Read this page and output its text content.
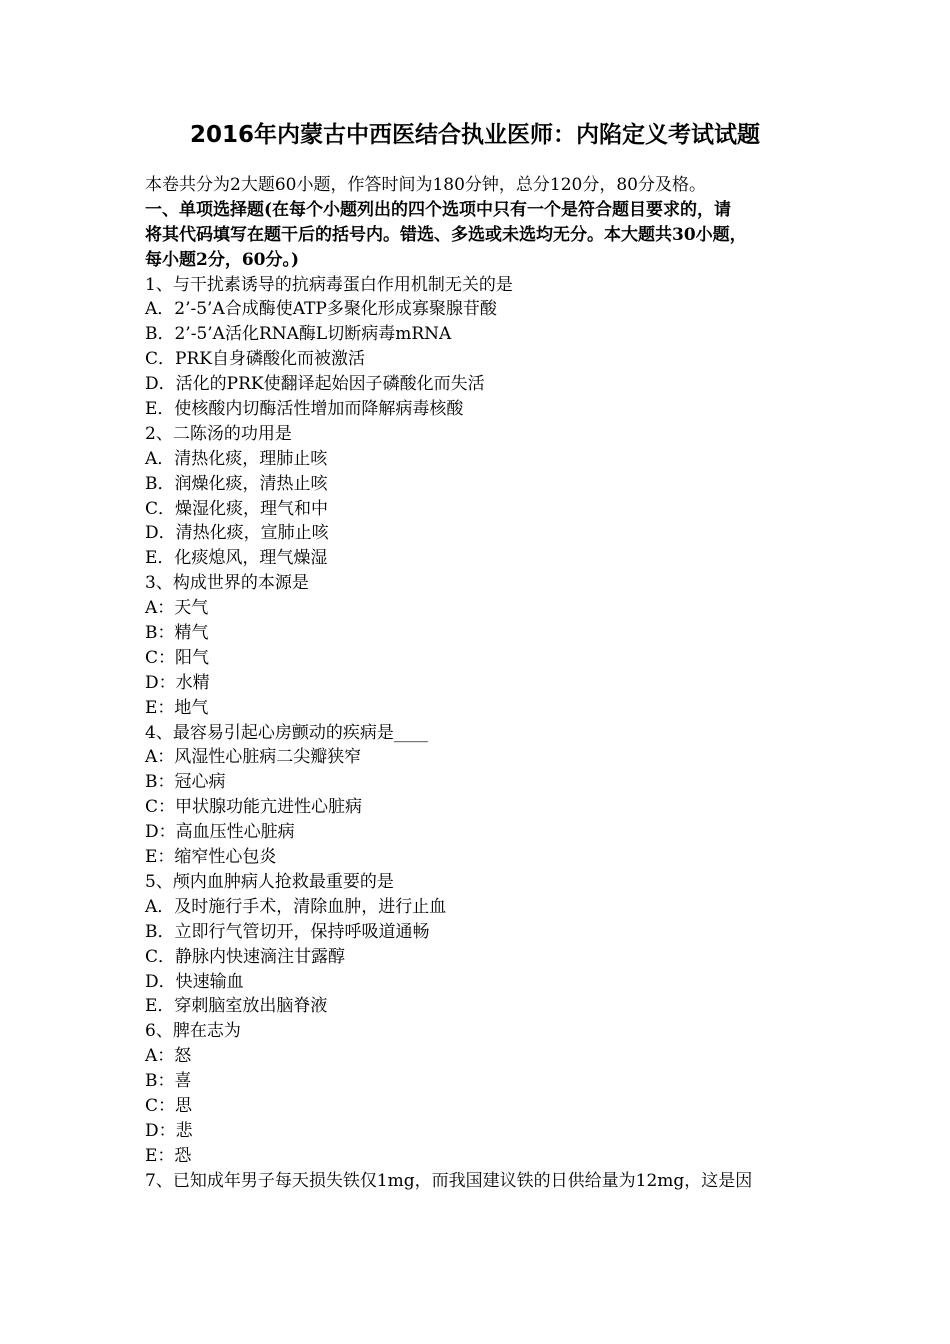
2016年内蒙古中西医结合执业医师：内陷定义考试试题
本卷共分为2大题60小题，作答时间为180分钟，总分120分，80分及格。
一、单项选择题(在每个小题列出的四个选项中只有一个是符合题目要求的，请
将其代码填写在题干后的括号内。错选、多选或未选均无分。本大题共30小题，
每小题2分，60分。)
1、与干扰素诱导的抗病毒蛋白作用机制无关的是
A．2’-5’A合成酶使ATP多聚化形成寡聚腺苷酸
B．2’-5’A活化RNA酶L切断病毒mRNA
C．PRK自身磷酸化而被激活
D．活化的PRK使翻译起始因子磷酸化而失活
E．使核酸内切酶活性增加而降解病毒核酸
2、二陈汤的功用是
A．清热化痰，理肺止咳
B．润燥化痰，清热止咳
C．燥湿化痰，理气和中
D．清热化痰，宣肺止咳
E．化痰熄风，理气燥湿
3、构成世界的本源是
A：天气
B：精气
C：阳气
D：水精
E：地气
4、最容易引起心房颤动的疾病是____
A：风湿性心脏病二尖瓣狭窄
B：冠心病
C：甲状腺功能亢进性心脏病
D：高血压性心脏病
E：缩窄性心包炎
5、颅内血肿病人抢救最重要的是
A．及时施行手术，清除血肿，进行止血
B．立即行气管切开，保持呼吸道通畅
C．静脉内快速滴注甘露醇
D．快速输血
E．穿刺脑室放出脑脊液
6、脾在志为
A：怒
B：喜
C：思
D：悲
E：恐
7、已知成年男子每天损失铁仅1mg，而我国建议铁的日供给量为12mg，这是因
